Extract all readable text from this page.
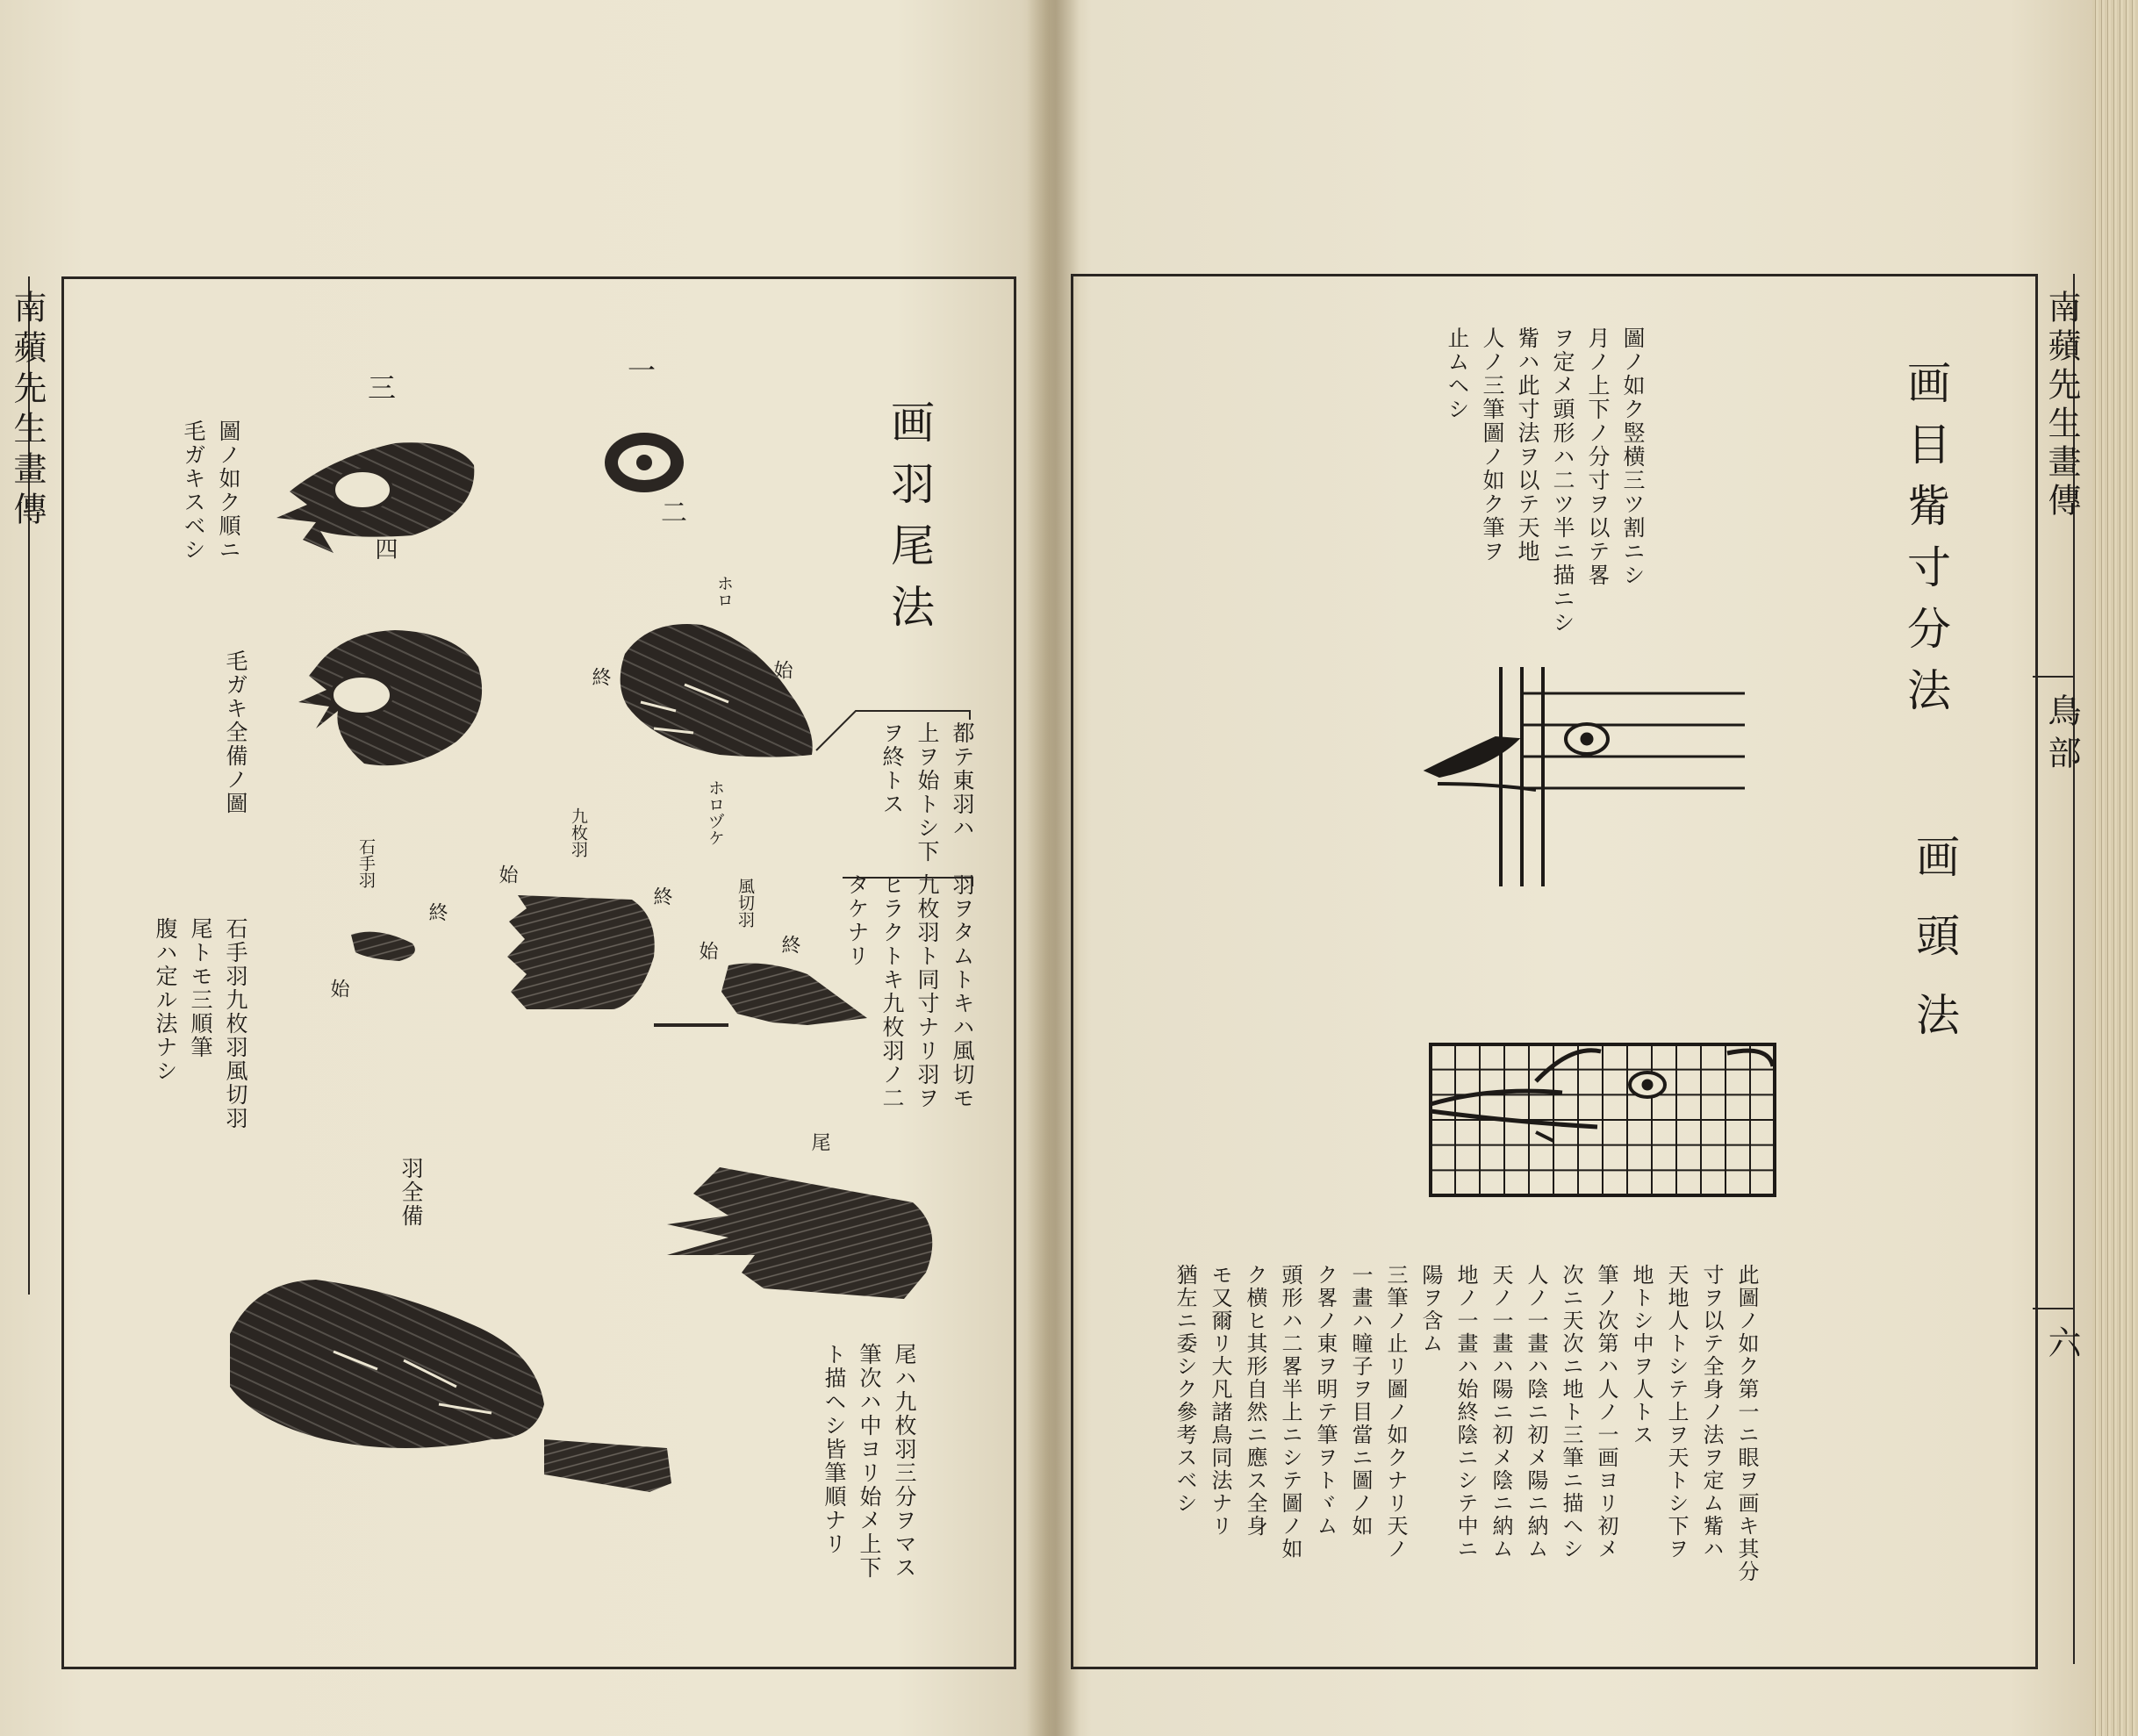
南蘋先生畫傳	南蘋先生畫傳
鳥部
六
画羽尾法
一
二
三
四
圖ノ如ク順ニ
毛ガキスベシ
毛ガキ全備ノ圖
ホロ
終	始
ホロヅケ	都テ東羽ハ
上ヲ始トシ下
ヲ終トス
九枚羽
石手羽
終
始
始
終	風切羽
終
始	羽ヲタムトキハ風切モ
九枚羽ト同寸ナリ羽ヲ
ヒラクトキ九枚羽ノ二
タケナリ
石手羽九枚羽風切羽
尾トモ三順筆
腹ハ定ル法ナシ
尾
羽全備
尾ハ九枚羽三分ヲマス
筆次ハ中ヨリ始メ上下
ト描ヘシ皆筆順ナリ
画目觜寸分法
画頭法
圖ノ如ク竪横三ツ割ニシ
月ノ上下ノ分寸ヲ以テ畧
ヲ定メ頭形ハ二ツ半ニ描ニシ
觜ハ此寸法ヲ以テ天地
人ノ三筆圖ノ如ク筆ヲ
止ムヘシ
此圖ノ如ク第一ニ眼ヲ画キ其分
寸ヲ以テ全身ノ法ヲ定ム觜ハ
天地人トシテ上ヲ天トシ下ヲ
地トシ中ヲ人トス
筆ノ次第ハ人ノ一画ヨリ初メ
次ニ天次ニ地ト三筆ニ描ヘシ
人ノ一畫ハ陰ニ初メ陽ニ納ム
天ノ一畫ハ陽ニ初メ陰ニ納ム
地ノ一畫ハ始終陰ニシテ中ニ
陽ヲ含ム
三筆ノ止リ圖ノ如クナリ天ノ
一畫ハ瞳子ヲ目當ニ圖ノ如
ク畧ノ東ヲ明テ筆ヲトヾム
頭形ハ二畧半上ニシテ圖ノ如
ク横ヒ其形自然ニ應ス全身
モ又爾リ大凡諸鳥同法ナリ
猶左ニ委シク參考スベシ
